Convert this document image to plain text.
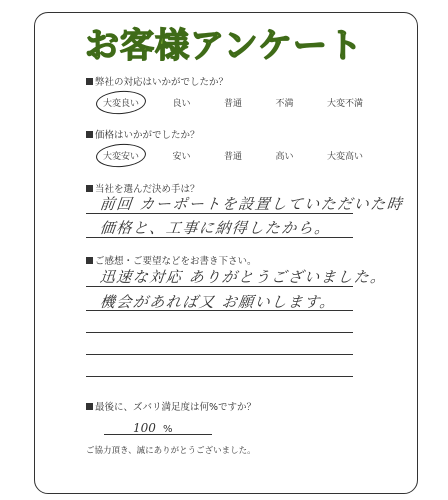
お客様アンケート
弊社の対応はいかがでしたか？
大変良い	良い	普通	不満	大変不満
価格はいかがでしたか？
大変安い	安い	普通	高い	大変高い
当社を選んだ決め手は？
前回 カーポートを設置していただいた時
価格と、工事に納得したから。
ご感想・ご要望などをお書き下さい。
迅速な対応 ありがとうございました。
機会があれば又 お願いします。
最後に、ズバリ満足度は何%ですか？
100 %
ご協力頂き、誠にありがとうございました。
